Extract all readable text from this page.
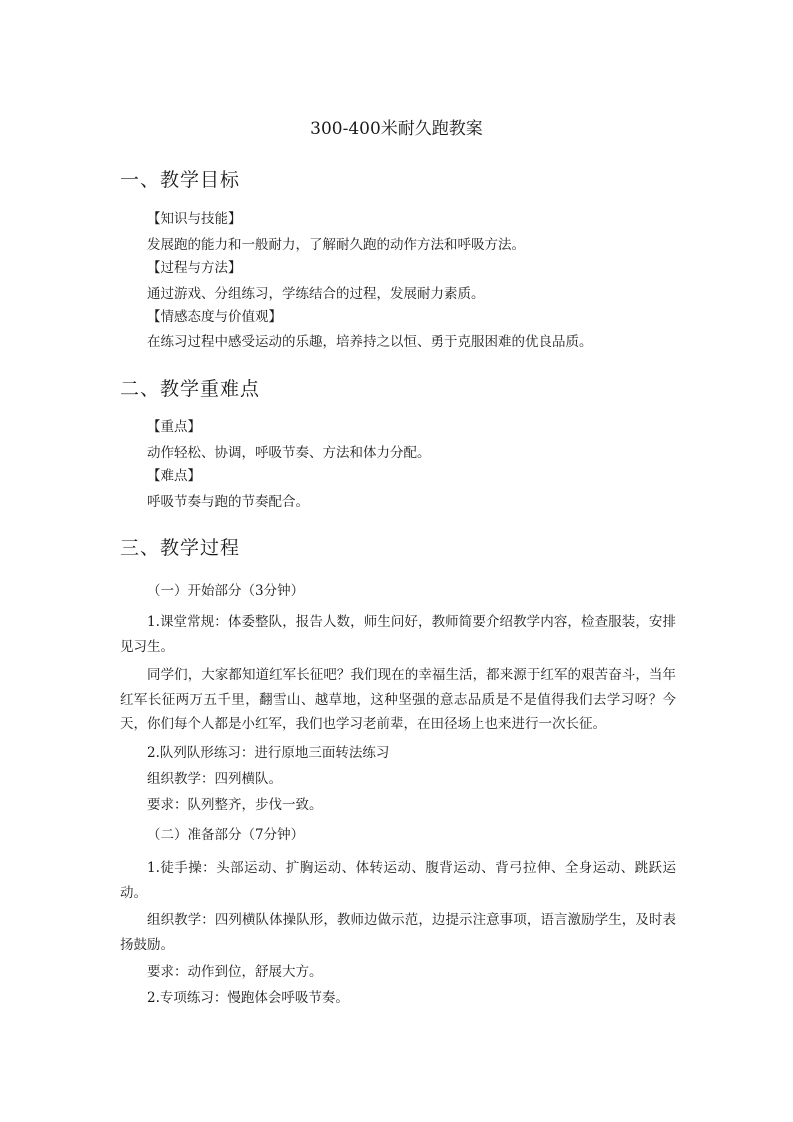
300-400米耐久跑教案
一、教学目标

【知识与技能】

发展跑的能力和一般耐力，了解耐久跑的动作方法和呼吸方法。

【过程与方法】

通过游戏、分组练习，学练结合的过程，发展耐力素质。

【情感态度与价值观】

在练习过程中感受运动的乐趣，培养持之以恒、勇于克服困难的优良品质。

二、教学重难点

【重点】

动作轻松、协调，呼吸节奏、方法和体力分配。

【难点】

呼吸节奏与跑的节奏配合。

三、教学过程

（一）开始部分（3分钟）

1.课堂常规：体委整队，报告人数，师生问好，教师简要介绍教学内容，检查服装，安排见习生。

同学们，大家都知道红军长征吧？我们现在的幸福生活，都来源于红军的艰苦奋斗，当年红军长征两万五千里，翻雪山、越草地，这种坚强的意志品质是不是值得我们去学习呀？今天，你们每个人都是小红军，我们也学习老前辈，在田径场上也来进行一次长征。

2.队列队形练习：进行原地三面转法练习

组织教学：四列横队。

要求：队列整齐，步伐一致。

（二）准备部分（7分钟）

1.徒手操：头部运动、扩胸运动、体转运动、腹背运动、背弓拉伸、全身运动、跳跃运动。

组织教学：四列横队体操队形，教师边做示范，边提示注意事项，语言激励学生，及时表扬鼓励。

要求：动作到位，舒展大方。

2.专项练习：慢跑体会呼吸节奏。
